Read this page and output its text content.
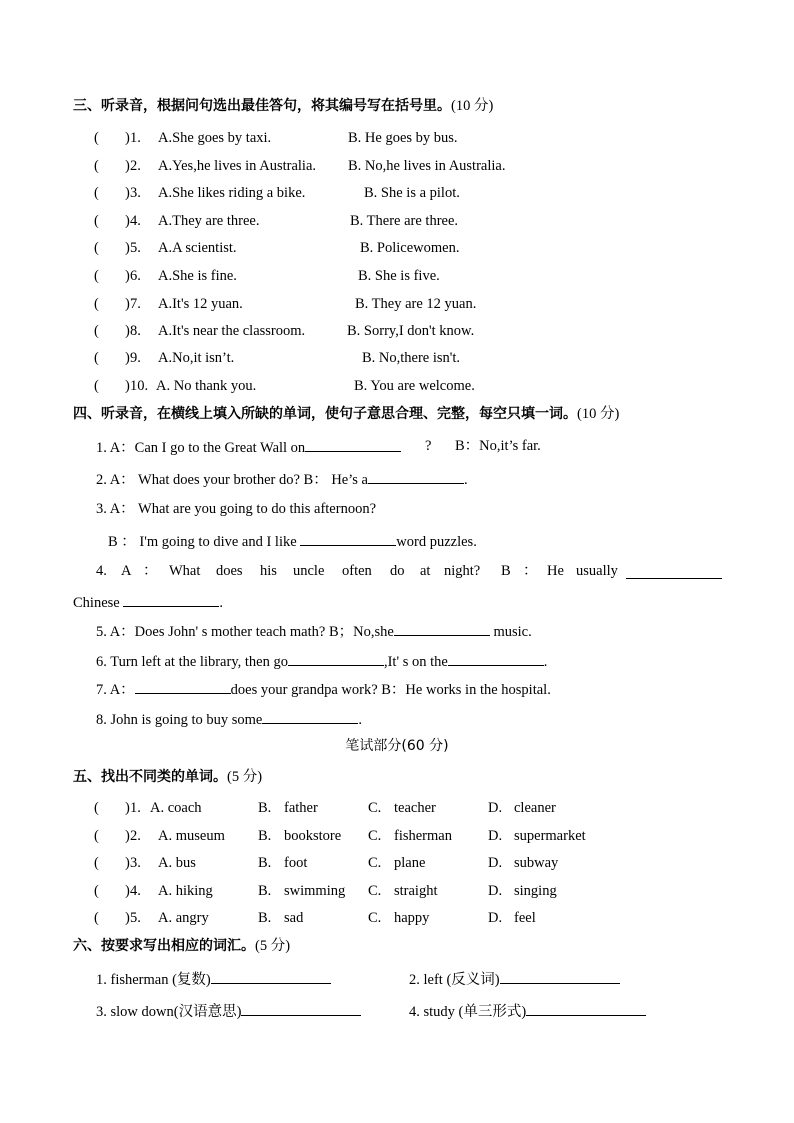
三、听录音，根据问句选出最佳答句，将其编号写在括号里。(10 分)
( ) 1. A.She goes by taxi.	B. He goes by bus.
( ) 2. A.Yes,he lives in Australia. B. No,he lives in Australia.
( ) 3. A.She likes riding a bike.	B. She is a pilot.
( ) 4. A.They are three.	B. There are three.
( ) 5. A.A scientist.	B. Policewomen.
( ) 6. A.She is fine.	B. She is five.
( ) 7. A.It's 12 yuan.	B. They are 12 yuan.
( ) 8. A.It's near the classroom.	B. Sorry,I don't know.
( ) 9. A.No,it isn’t.	B. No,there isn't.
( ) 10. A. No thank you.	B. You are welcome.
四、听录音，在横线上填入所缺的单词，使句子意思合理、完整，每空只填一词。(10 分)
1. A：Can I go to the Great Wall on	? B：No,it’s far.
2. A： What does your brother do? B： He’s a	.
3. A： What are you going to do this afternoon?
B ： I'm going to dive and I like	word puzzles.
4. A ： What does his uncle often do at night? B ： He usually
Chinese	.
5. A：Does John' s mother teach math? B；No,she	music.
6. Turn left at the library, then go	,It' s on the	.
7. A：	does your grandpa work? B：He works in the hospital.
8. John is going to buy some	.
笔试部分(60 分)
五、找出不同类的单词。(5 分)
( ) 1. A. coach	B. father	C. teacher	D. cleaner
( ) 2. A. museum B. bookstore C. fisherman D. supermarket
( ) 3. A. bus	B. foot	C. plane	D. subway
( ) 4. A. hiking	B. swimming C. straight	D. singing
( ) 5. A. angry	B. sad	C. happy	D. feel
六、按要求写出相应的词汇。(5 分)
1. fisherman (复数)	2. left (反义词)
3. slow down(汉语意思)	4. study (单三形式)
